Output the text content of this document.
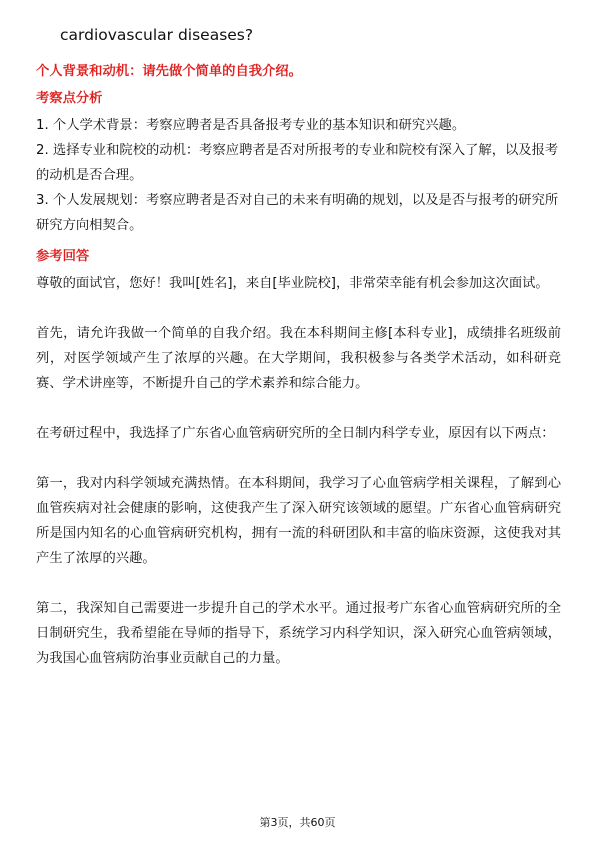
cardiovascular diseases?
个人背景和动机：请先做个简单的自我介绍。
考察点分析

1. 个人学术背景：考察应聘者是否具备报考专业的基本知识和研究兴趣。

2. 选择专业和院校的动机：考察应聘者是否对所报考的专业和院校有深入了解，以及报考的动机是否合理。

3. 个人发展规划：考察应聘者是否对自己的未来有明确的规划，以及是否与报考的研究所研究方向相契合。

参考回答

尊敬的面试官，您好！我叫[姓名]，来自[毕业院校]，非常荣幸能有机会参加这次面试。

首先，请允许我做一个简单的自我介绍。我在本科期间主修[本科专业]，成绩排名班级前列，对医学领域产生了浓厚的兴趣。在大学期间，我积极参与各类学术活动，如科研竞赛、学术讲座等，不断提升自己的学术素养和综合能力。

在考研过程中，我选择了广东省心血管病研究所的全日制内科学专业，原因有以下两点：

第一，我对内科学领域充满热情。在本科期间，我学习了心血管病学相关课程，了解到心血管疾病对社会健康的影响，这使我产生了深入研究该领域的愿望。广东省心血管病研究所是国内知名的心血管病研究机构，拥有一流的科研团队和丰富的临床资源，这使我对其产生了浓厚的兴趣。

第二，我深知自己需要进一步提升自己的学术水平。通过报考广东省心血管病研究所的全日制研究生，我希望能在导师的指导下，系统学习内科学知识，深入研究心血管病领域，为我国心血管病防治事业贡献自己的力量。

第3页，共60页
